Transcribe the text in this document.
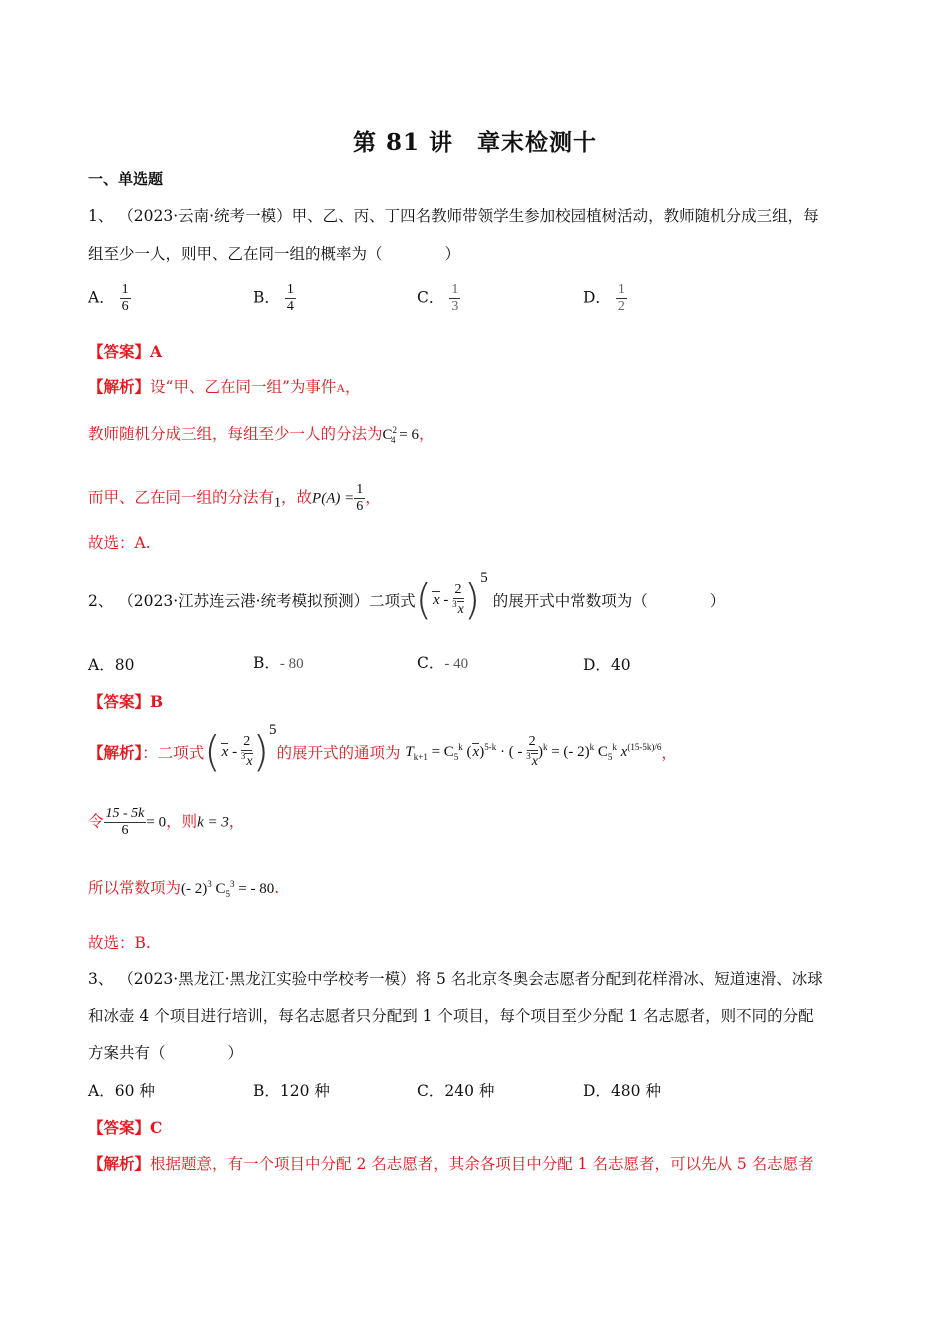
第 81 讲　章末检测十
一、单选题
1、 （2023·云南·统考一模）甲、乙、丙、丁四名教师带领学生参加校园植树活动，教师随机分成三组，每
组至少一人，则甲、乙在同一组的概率为（　　　　）
A． $\frac{1}{6}$	B． $\frac{1}{4}$	C． $\frac{1}{3}$	D． $\frac{1}{2}$
【答案】A
【解析】设“甲、乙在同一组”为事件A，
教师随机分成三组，每组至少一人的分法为$C^2_4 = 6$，
而甲、乙在同一组的分法有$_1$，故$P(A) = \frac{1}{6}$ ，
故选：A.
2、 （2023·江苏连云港·统考模拟预测）二项式$(x - \frac{2}{^3x} )^5$ 的展开式中常数项为（　　　　）
A．80	B．- 80	C．- 40	D．40
【答案】B
【解析】：二项式$(x - \frac{2}{^3x} )^5$的展开式的通项为 $T_{k+1} = C_5^k$ $(x)^{5-k}$ · ( - $\frac{2}{^3x} )^k$ = (- 2)$^k$ $C_5^k$ $x^{(15-5k)/6}$，
令 $\frac{15 - 5k}{6} = 0$，则k = 3，
所以常数项为(- 2)$^3$ $C_5^3$ = - 80.
故选：B.
3、 （2023·黑龙江·黑龙江实验中学校考一模）将 5 名北京冬奥会志愿者分配到花样滑冰、短道速滑、冰球
和冰壶 4 个项目进行培训，每名志愿者只分配到 1 个项目，每个项目至少分配 1 名志愿者，则不同的分配
方案共有（　　　　）
A．60 种	B．120 种	C．240 种	D．480 种
【答案】C
【解析】根据题意，有一个项目中分配 2 名志愿者，其余各项目中分配 1 名志愿者，可以先从 5 名志愿者
